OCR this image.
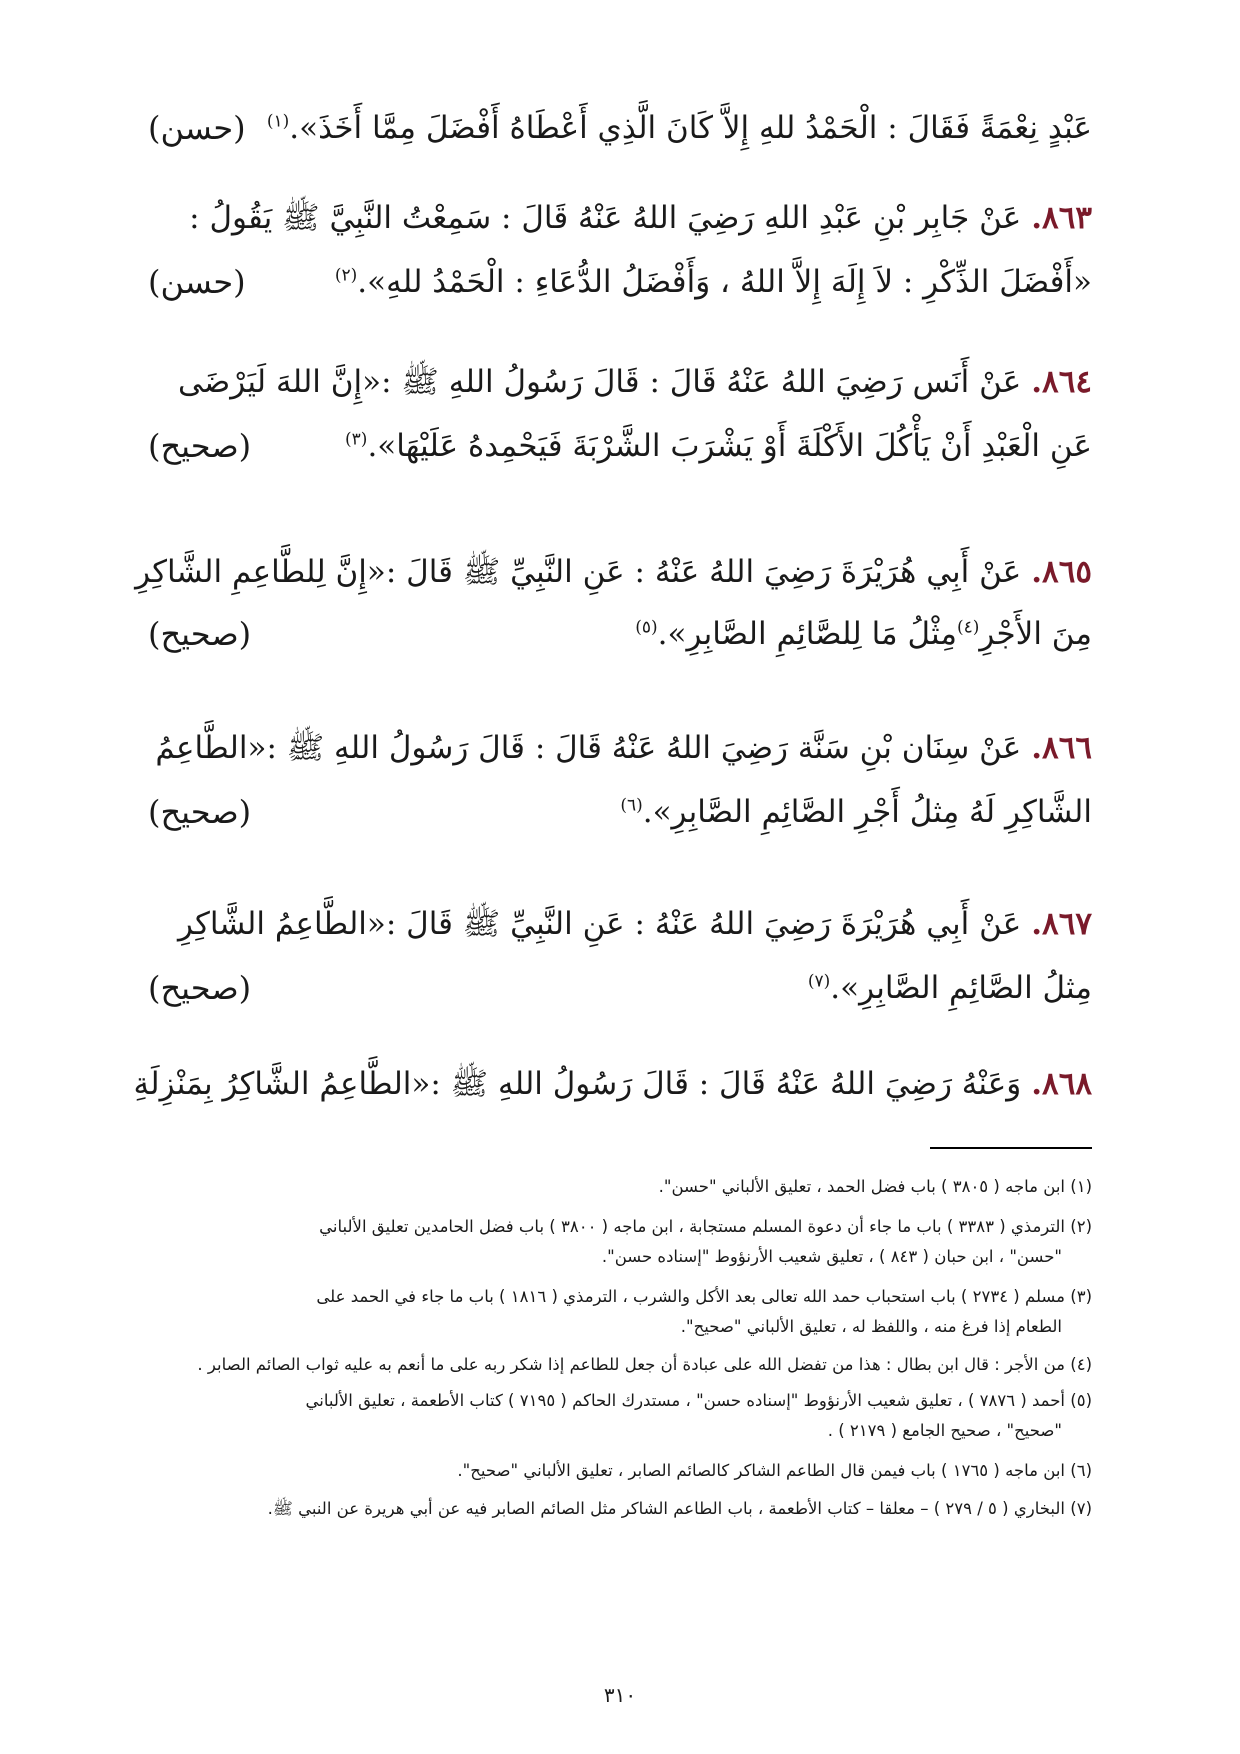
عَبْدٍ نِعْمَةً فَقَالَ : الْحَمْدُ للهِ إِلاَّ كَانَ الَّذِي أَعْطَاهُ أَفْضَلَ مِمَّا أَخَذَ».$^{(١)}$
(حسن)
٨٦٣.عَنْ جَابِر بْنِ عَبْدِ اللهِ رَضِيَ اللهُ عَنْهُ قَالَ : سَمِعْتُ النَّبِيَّ ﷺ يَقُولُ :
«أَفْضَلَ الذِّكْرِ : لاَ إِلَهَ إِلاَّ اللهُ ، وَأَفْضَلُ الدُّعَاءِ : الْحَمْدُ للهِ».$^{(٢)}$
(حسن)
٨٦٤.عَنْ أَنَس رَضِيَ اللهُ عَنْهُ قَالَ : قَالَ رَسُولُ اللهِ ﷺ :«إِنَّ اللهَ لَيَرْضَى
عَنِ الْعَبْدِ أَنْ يَأْكُلَ الأَكْلَةَ أَوْ يَشْرَبَ الشَّرْبَةَ فَيَحْمِدهُ عَلَيْهَا».$^{(٣)}$
(صحيح)
٨٦٥.عَنْ أَبِي هُرَيْرَةَ رَضِيَ اللهُ عَنْهُ : عَنِ النَّبِيِّ ﷺ قَالَ :«إِنَّ لِلطَّاعِمِ الشَّاكِرِ
مِنَ الأَجْرِ$^{(٤)}$مِثْلُ مَا لِلصَّائِمِ الصَّابِرِ».$^{(٥)}$
(صحيح)
٨٦٦.عَنْ سِنَان بْنِ سَنَّة رَضِيَ اللهُ عَنْهُ قَالَ : قَالَ رَسُولُ اللهِ ﷺ :«الطَّاعِمُ
الشَّاكِرِ لَهُ مِثلُ أَجْرِ الصَّائِمِ الصَّابِرِ».$^{(٦)}$
(صحيح)
٨٦٧.عَنْ أَبِي هُرَيْرَةَ رَضِيَ اللهُ عَنْهُ : عَنِ النَّبِيِّ ﷺ قَالَ :«الطَّاعِمُ الشَّاكِرِ
مِثلُ الصَّائِمِ الصَّابِرِ».$^{(٧)}$
(صحيح)
٨٦٨.وَعَنْهُ رَضِيَ اللهُ عَنْهُ قَالَ : قَالَ رَسُولُ اللهِ ﷺ :«الطَّاعِمُ الشَّاكِرُ بِمَنْزِلَةِ
(١) ابن ماجه ( ٣٨٠٥ ) باب فضل الحمد ، تعليق الألباني "حسن".
(٢) الترمذي ( ٣٣٨٣ ) باب ما جاء أن دعوة المسلم مستجابة ، ابن ماجه ( ٣٨٠٠ ) باب فضل الحامدين تعليق الألباني
"حسن" ، ابن حبان ( ٨٤٣ ) ، تعليق شعيب الأرنؤوط "إسناده حسن".
(٣) مسلم ( ٢٧٣٤ ) باب استحباب حمد الله تعالى بعد الأكل والشرب ، الترمذي ( ١٨١٦ ) باب ما جاء في الحمد على
الطعام إذا فرغ منه ، واللفظ له ، تعليق الألباني "صحيح".
(٤) من الأجر : قال ابن بطال : هذا من تفضل الله على عبادة أن جعل للطاعم إذا شكر ربه على ما أنعم به عليه ثواب الصائم الصابر .
(٥) أحمد ( ٧٨٧٦ ) ، تعليق شعيب الأرنؤوط "إسناده حسن" ، مستدرك الحاكم ( ٧١٩٥ ) كتاب الأطعمة ، تعليق الألباني
"صحيح" ، صحيح الجامع ( ٢١٧٩ ) .
(٦) ابن ماجه ( ١٧٦٥ ) باب فيمن قال الطاعم الشاكر كالصائم الصابر ، تعليق الألباني "صحيح".
(٧) البخاري ( ٥ / ٢٧٩ ) – معلقا – كتاب الأطعمة ، باب الطاعم الشاكر مثل الصائم الصابر فيه عن أبي هريرة عن النبي ﷺ.
٣١٠
